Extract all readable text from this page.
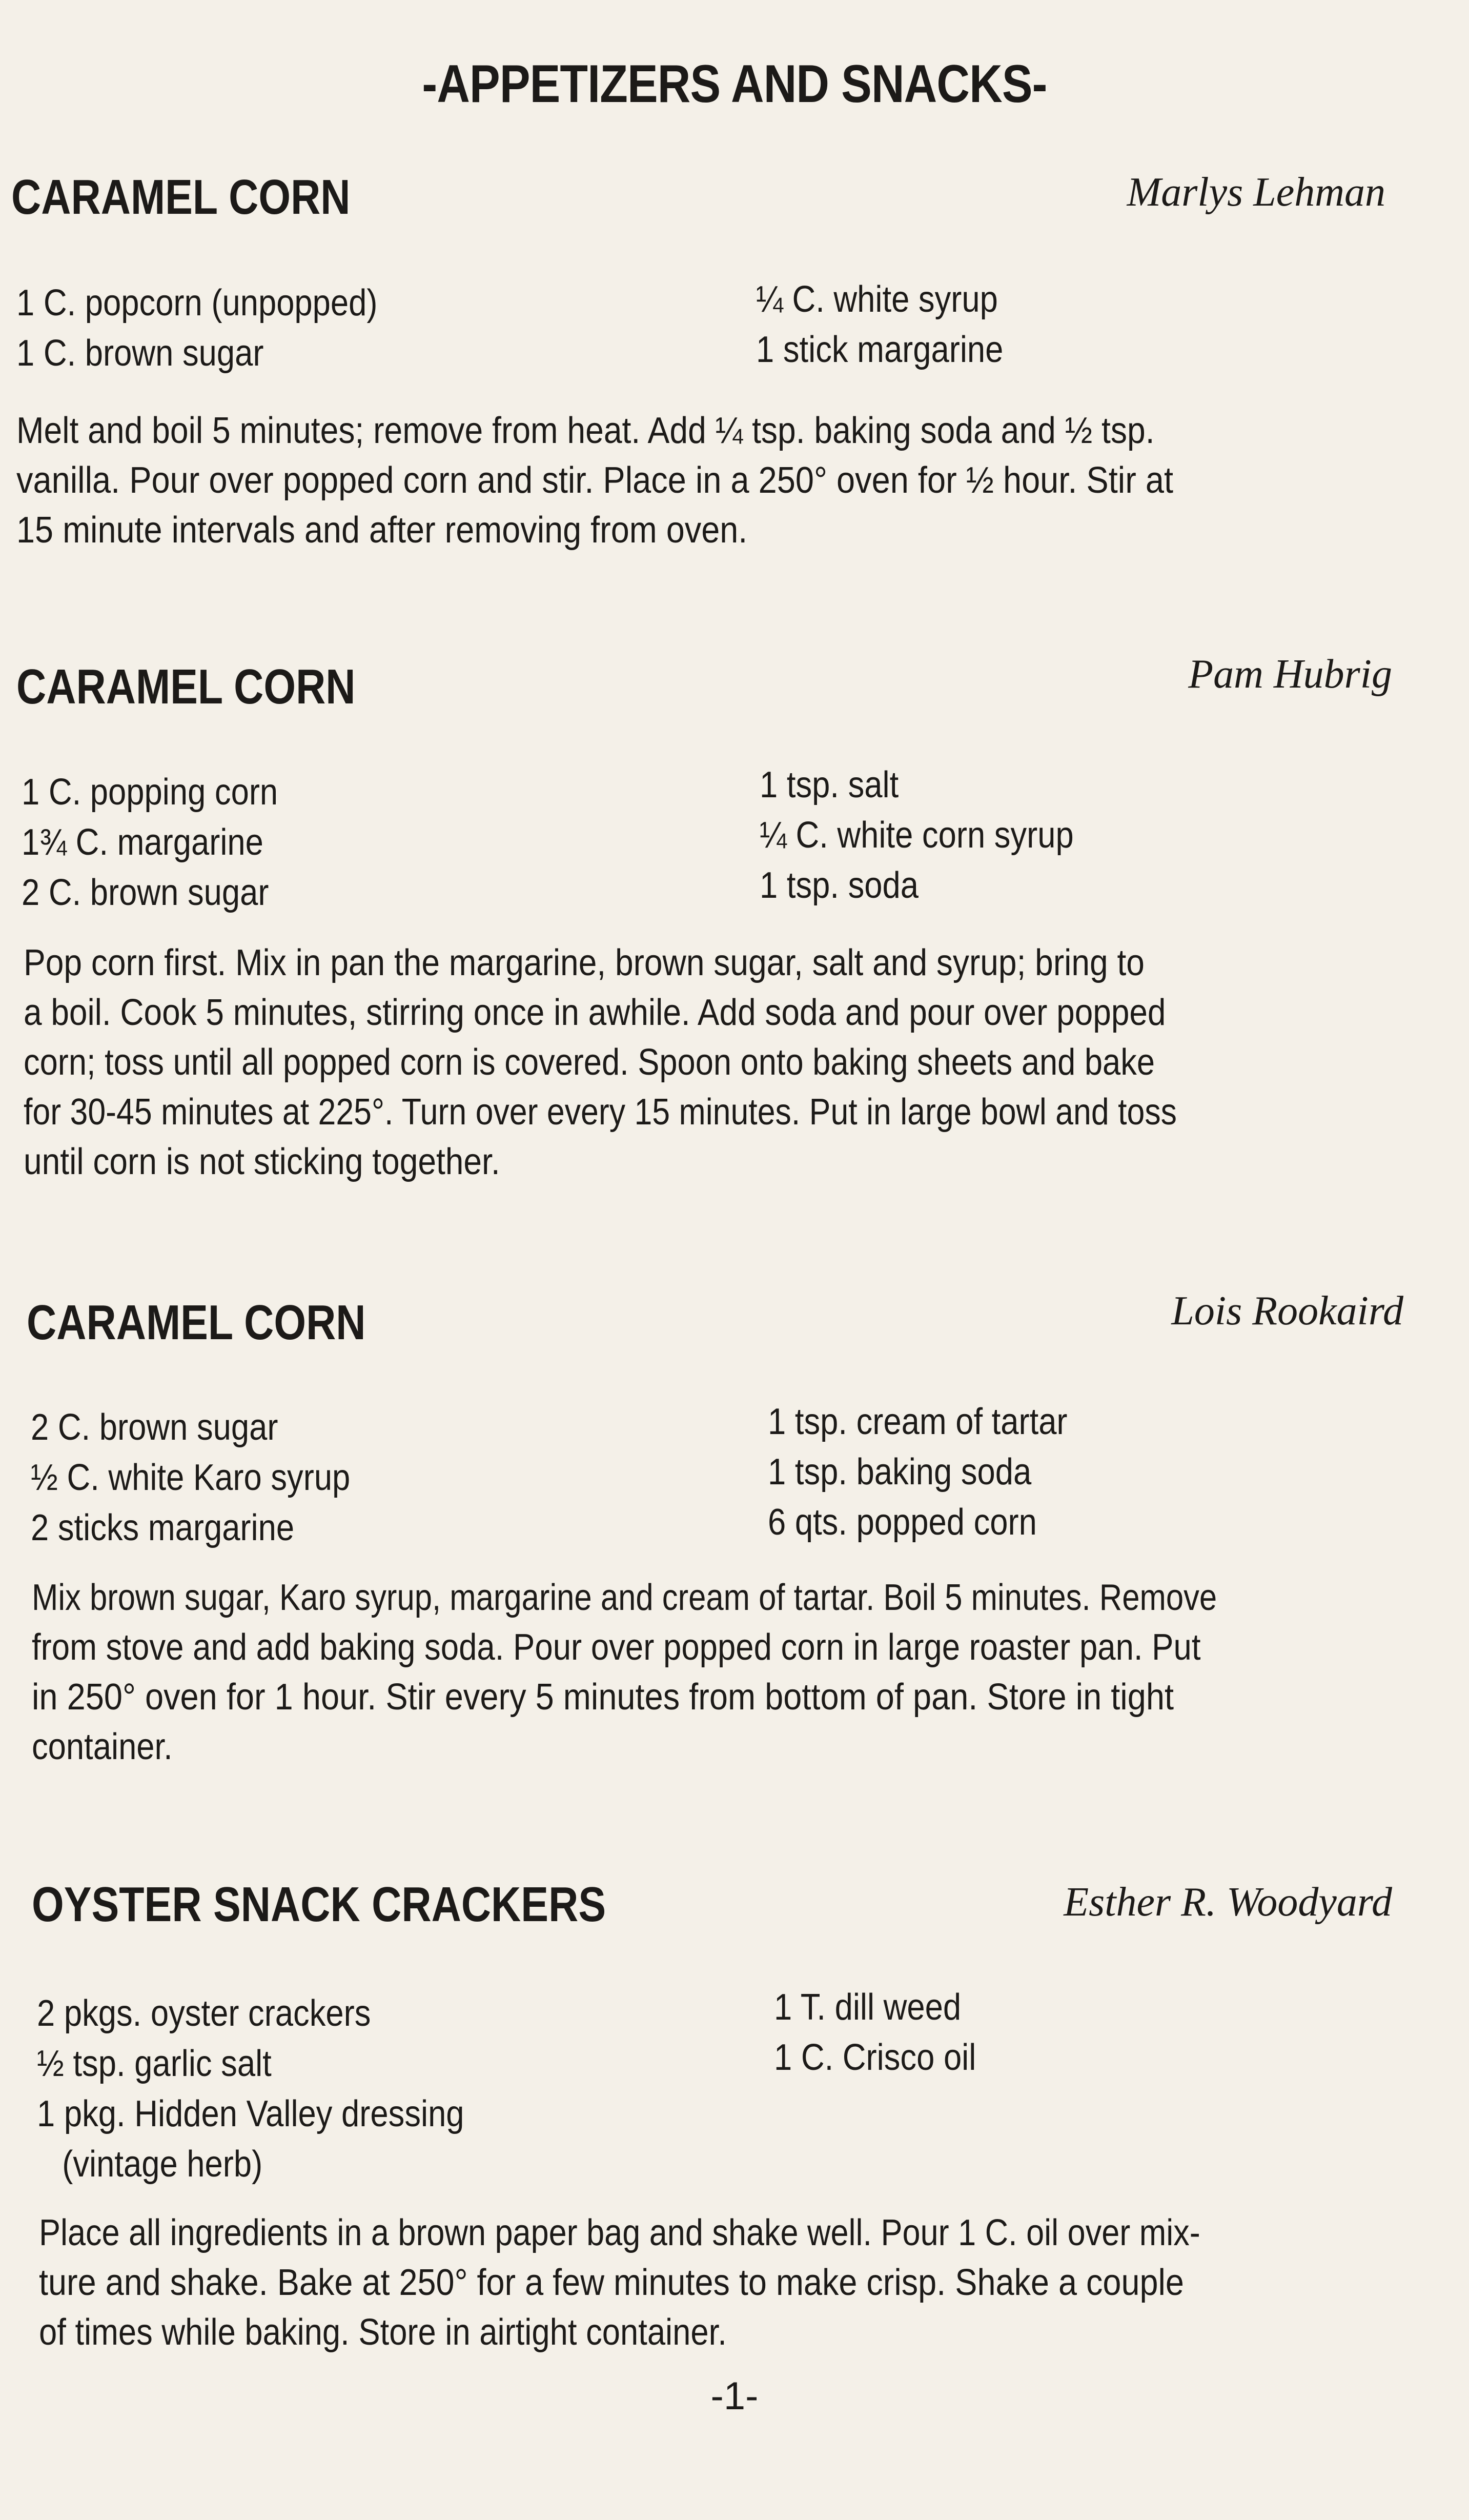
-APPETIZERS AND SNACKS-
CARAMEL CORN	Marlys Lehman
1 C. popcorn (unpopped)
1 C. brown sugar
¼ C. white syrup
1 stick margarine
Melt and boil 5 minutes; remove from heat. Add ¼ tsp. baking soda and ½ tsp.
vanilla. Pour over popped corn and stir. Place in a 250° oven for ½ hour. Stir at
15 minute intervals and after removing from oven.
CARAMEL CORN	Pam Hubrig
1 C. popping corn
1¾ C. margarine
2 C. brown sugar
1 tsp. salt
¼ C. white corn syrup
1 tsp. soda
Pop corn first. Mix in pan the margarine, brown sugar, salt and syrup; bring to
a boil. Cook 5 minutes, stirring once in awhile. Add soda and pour over popped
corn; toss until all popped corn is covered. Spoon onto baking sheets and bake
for 30-45 minutes at 225°. Turn over every 15 minutes. Put in large bowl and toss
until corn is not sticking together.
CARAMEL CORN	Lois Rookaird
2 C. brown sugar
½ C. white Karo syrup
2 sticks margarine
1 tsp. cream of tartar
1 tsp. baking soda
6 qts. popped corn
Mix brown sugar, Karo syrup, margarine and cream of tartar. Boil 5 minutes. Remove
from stove and add baking soda. Pour over popped corn in large roaster pan. Put
in 250° oven for 1 hour. Stir every 5 minutes from bottom of pan. Store in tight
container.
OYSTER SNACK CRACKERS	Esther R. Woodyard
2 pkgs. oyster crackers
½ tsp. garlic salt
1 pkg. Hidden Valley dressing
(vintage herb)
1 T. dill weed
1 C. Crisco oil
Place all ingredients in a brown paper bag and shake well. Pour 1 C. oil over mix-
ture and shake. Bake at 250° for a few minutes to make crisp. Shake a couple
of times while baking. Store in airtight container.
-1-
